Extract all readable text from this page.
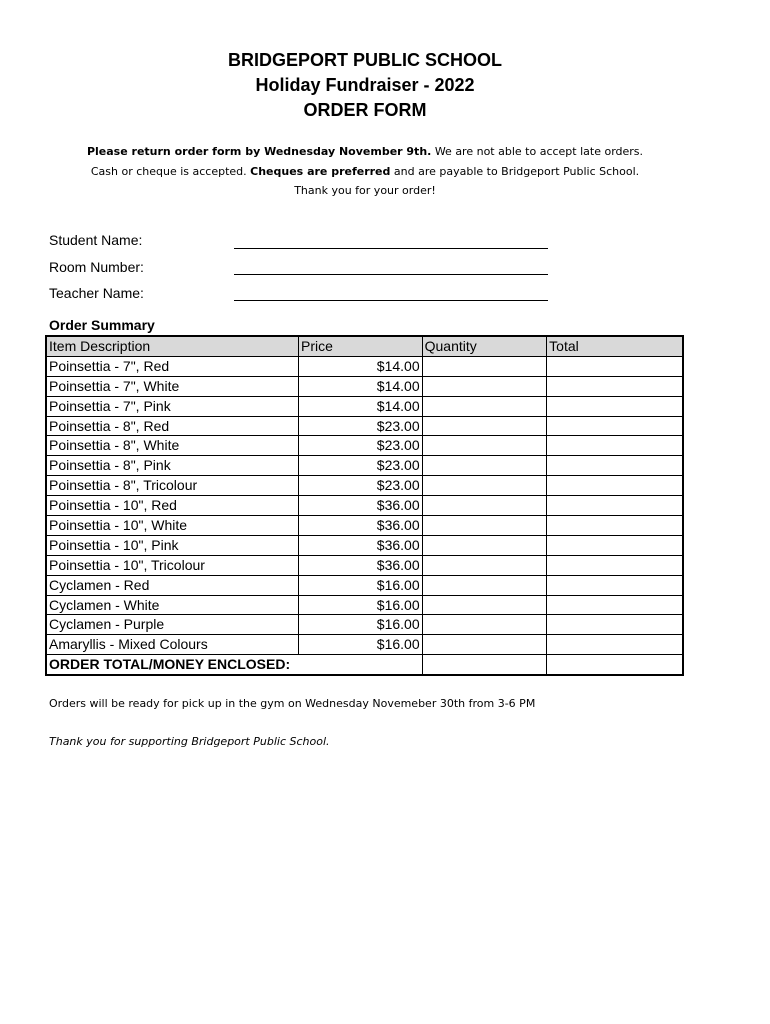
BRIDGEPORT PUBLIC SCHOOL
Holiday Fundraiser - 2022
ORDER FORM
Please return order form by Wednesday November 9th. We are not able to accept late orders.
Cash or cheque is accepted. Cheques are preferred and are payable to Bridgeport Public School.
Thank you for your order!
Student Name:
Room Number:
Teacher Name:
Order Summary
Item Description	Price	Quantity	Total
Poinsettia - 7", Red	$14.00		
Poinsettia - 7", White	$14.00		
Poinsettia - 7", Pink	$14.00		
Poinsettia - 8", Red	$23.00		
Poinsettia - 8", White	$23.00		
Poinsettia - 8", Pink	$23.00		
Poinsettia - 8", Tricolour	$23.00		
Poinsettia - 10", Red	$36.00		
Poinsettia - 10", White	$36.00		
Poinsettia - 10", Pink	$36.00		
Poinsettia - 10", Tricolour	$36.00		
Cyclamen - Red	$16.00		
Cyclamen - White	$16.00		
Cyclamen - Purple	$16.00		
Amaryllis - Mixed Colours	$16.00		
ORDER TOTAL/MONEY ENCLOSED:			
Orders will be ready for pick up in the gym on Wednesday Novemeber 30th from 3-6 PM
Thank you for supporting Bridgeport Public School.
